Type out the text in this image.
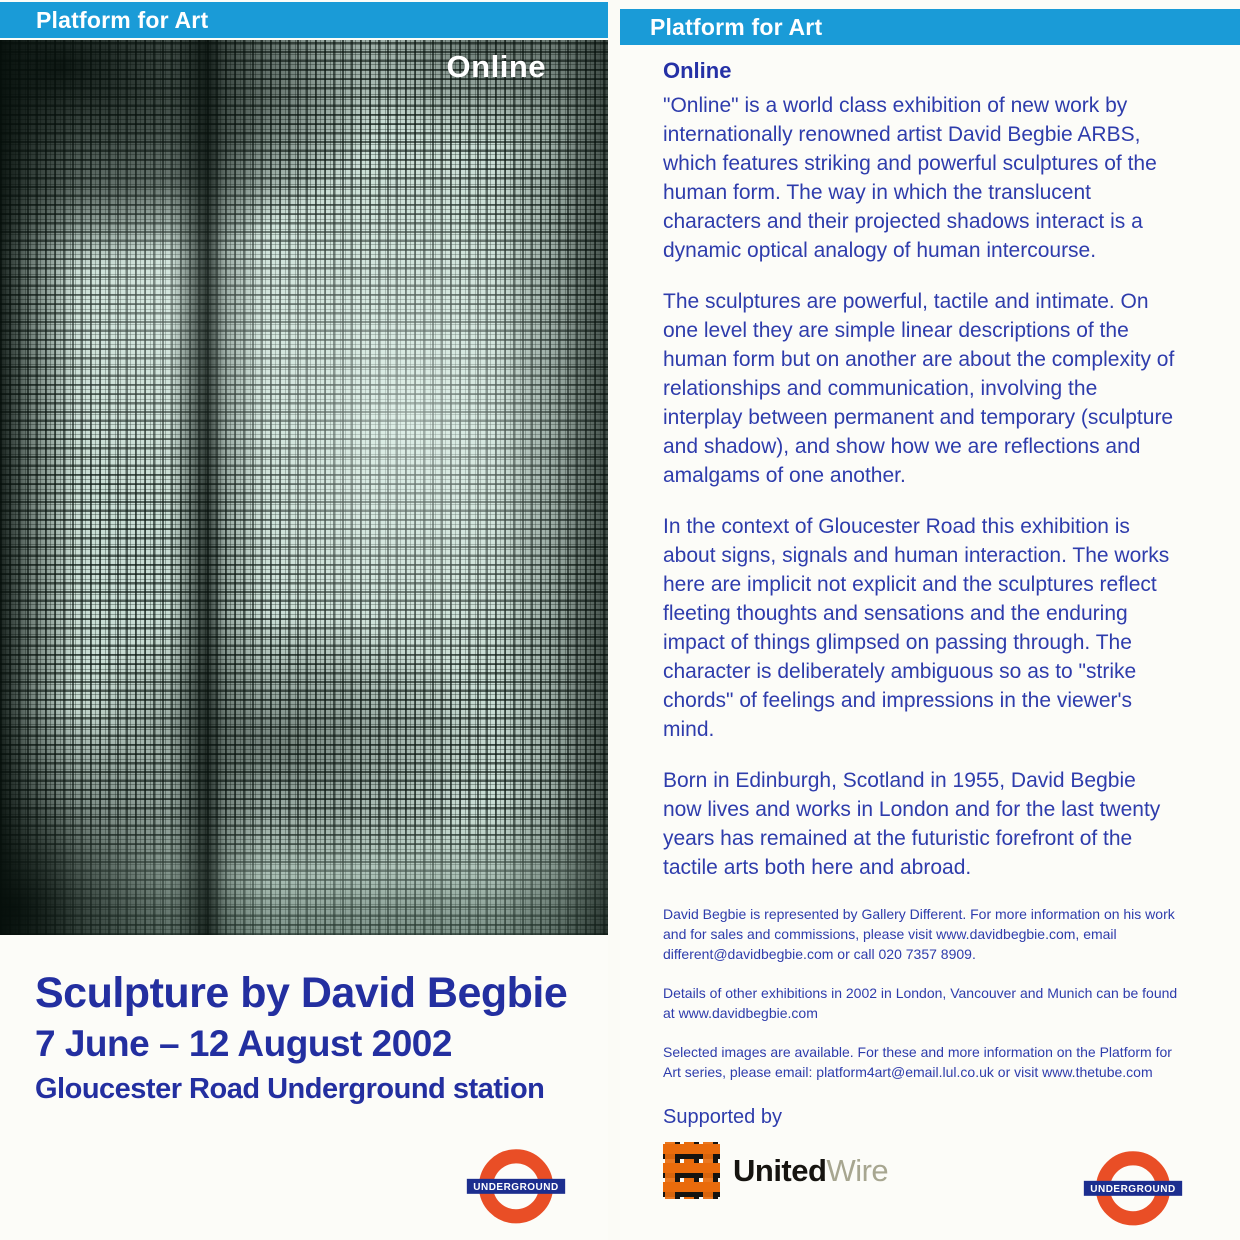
Platform for Art
Online
Sculpture by David Begbie
7 June – 12 August 2002
Gloucester Road Underground station
UNDERGROUND
Platform for Art
Online

"Online" is a world class exhibition of new work by internationally renowned artist David Begbie ARBS, which features striking and powerful sculptures of the human form. The way in which the translucent characters and their projected shadows interact is a dynamic optical analogy of human intercourse.

The sculptures are powerful, tactile and intimate. On one level they are simple linear descriptions of the human form but on another are about the complexity of relationships and communication, involving the interplay between permanent and temporary (sculpture and shadow), and show how we are reflections and amalgams of one another.

In the context of Gloucester Road this exhibition is about signs, signals and human interaction. The works here are implicit not explicit and the sculptures reflect fleeting thoughts and sensations and the enduring impact of things glimpsed on passing through. The character is deliberately ambiguous so as to "strike chords" of feelings and impressions in the viewer's mind.

Born in Edinburgh, Scotland in 1955, David Begbie now lives and works in London and for the last twenty years has remained at the futuristic forefront of the tactile arts both here and abroad.

David Begbie is represented by Gallery Different. For more information on his work and for sales and commissions, please visit www.davidbegbie.com, email different@davidbegbie.com or call 020 7357 8909.

Details of other exhibitions in 2002 in London, Vancouver and Munich can be found at www.davidbegbie.com

Selected images are available. For these and more information on the Platform for Art series, please email: platform4art@email.lul.co.uk or visit www.thetube.com

Supported by

UnitedWire
UNDERGROUND
